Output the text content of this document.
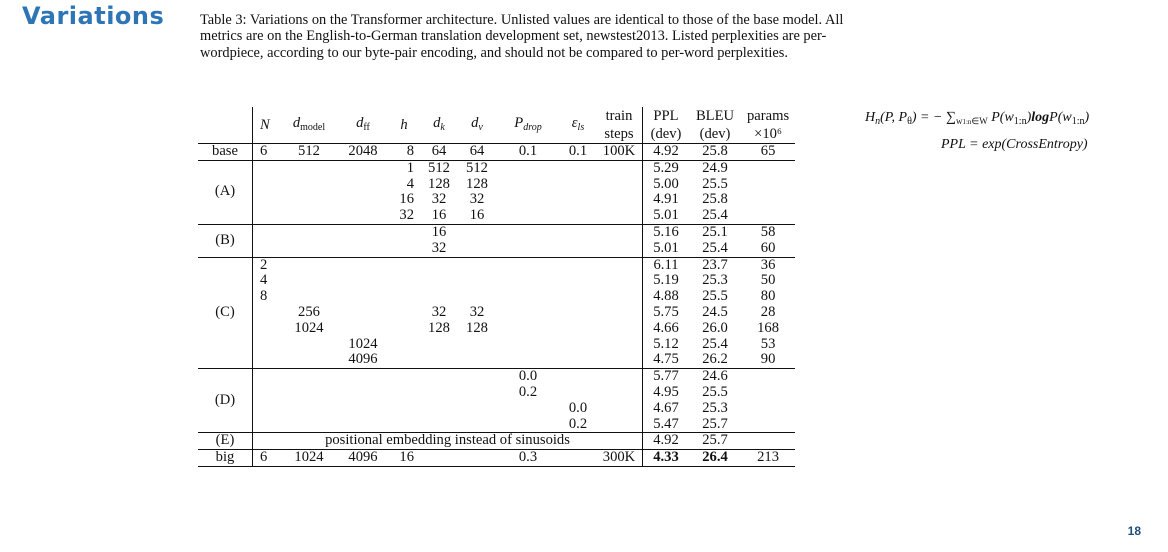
Variations Table 3: Variations on the Transformer architecture. Unlisted values are identical to those of the base model. All metrics are on the English-to-German translation development set, newstest2013. Listed perplexities are per-wordpiece, according to our byte-pair encoding, and should not be compared to per-word perplexities.
$H_n(P$, $P_\theta$) = − $\sum_{w1:n\in W}$ $P(w_{1:n})\log P(w_{1:n})$
PPL = exp(CrossEntropy)
	N	$d_{model}$	$d_{ff}$	h	$d_k$	$d_v$	$P_{drop}$	$\varepsilon_{ls}$	train	PPL	BLEU	params
									steps	(dev)	(dev)	×10⁶
base	6	512	2048	8	64	64	0.1	0.1	100K	4.92	25.8	65
(A)				1	512	512				5.29	24.9	
				4	128	128				5.00	25.5	
				16	32	32				4.91	25.8	
				32	16	16				5.01	25.4	
(B)					16					5.16	25.1	58
					32					5.01	25.4	60
(C)	2									6.11	23.7	36
	4									5.19	25.3	50
	8									4.88	25.5	80
		256			32	32				5.75	24.5	28
		1024			128	128				4.66	26.0	168
			1024							5.12	25.4	53
			4096							4.75	26.2	90
(D)							0.0			5.77	24.6	
							0.2			4.95	25.5	
								0.0		4.67	25.3	
								0.2		5.47	25.7	
(E)	positional embedding instead of sinusoids									4.92	25.7	
big	6	1024	4096	16			0.3		300K	4.33	26.4	213
18
